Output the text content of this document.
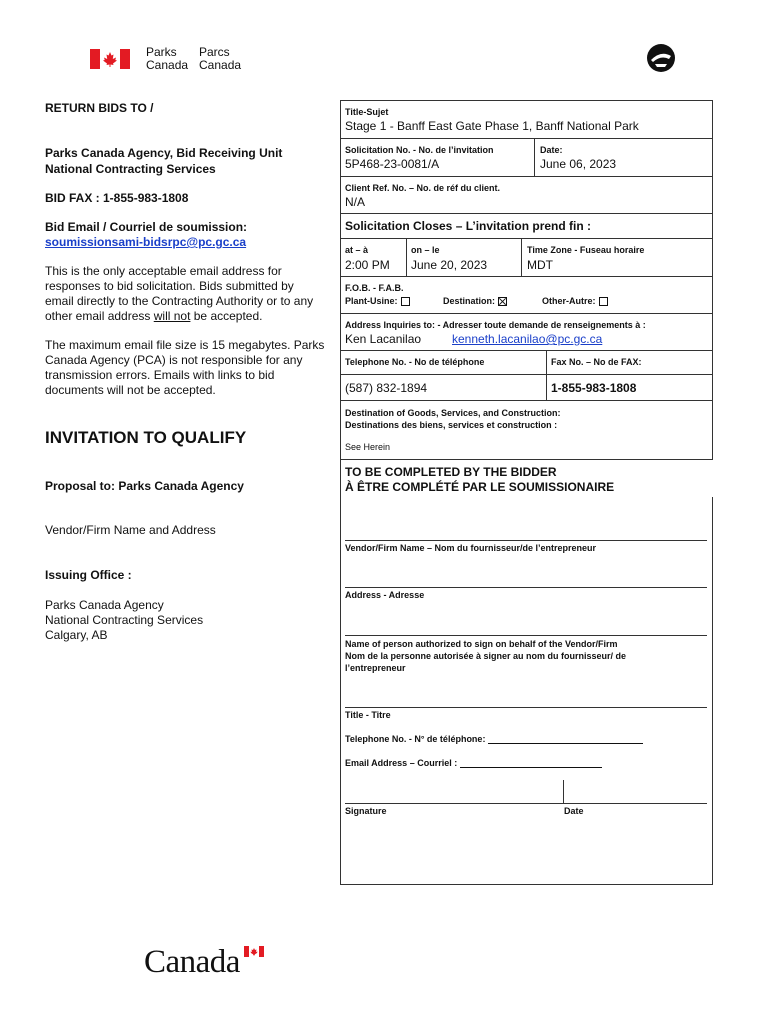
Parks
Canada
Parcs
Canada
RETURN BIDS TO /
Parks Canada Agency, Bid Receiving Unit
National Contracting Services
BID FAX : 1-855-983-1808
Bid Email / Courriel de soumission:
soumissionsami-bidsrpc@pc.gc.ca
This is the only acceptable email address for
responses to bid solicitation. Bids submitted by
email directly to the Contracting Authority or to any
other email address will not be accepted.
The maximum email file size is 15 megabytes. Parks
Canada Agency (PCA) is not responsible for any
transmission errors. Emails with links to bid
documents will not be accepted.
INVITATION TO QUALIFY
Proposal to: Parks Canada Agency
Vendor/Firm Name and Address
Issuing Office :
Parks Canada Agency
National Contracting Services
Calgary, AB
Title-Sujet
Stage 1 - Banff East Gate Phase 1, Banff National Park
Solicitation No. - No. de l’invitation
5P468-23-0081/A
Date:
June 06, 2023
Client Ref. No. – No. de réf du client.
N/A
Solicitation Closes – L’invitation prend fin :
at – à
2:00 PM
on – le
June 20, 2023
Time Zone - Fuseau horaire
MDT
F.O.B. - F.A.B.
Plant-Usine:	Destination:	Other-Autre:
Address Inquiries to: - Adresser toute demande de renseignements à :
Ken Lacanilao	kenneth.lacanilao@pc.gc.ca
Telephone No. - No de téléphone	Fax No. – No de FAX:
(587) 832-1894	1-855-983-1808
Destination of Goods, Services, and Construction:
Destinations des biens, services et construction :
See Herein
TO BE COMPLETED BY THE BIDDER
À ÊTRE COMPLÉTÉ PAR LE SOUMISSIONAIRE
Vendor/Firm Name – Nom du fournisseur/de l’entrepreneur
Address - Adresse
Name of person authorized to sign on behalf of the Vendor/Firm
Nom de la personne autorisée à signer au nom du fournisseur/ de
l’entrepreneur
Title - Titre
Telephone No. - N° de téléphone:
Email Address – Courriel :
Signature	Date
Canada
